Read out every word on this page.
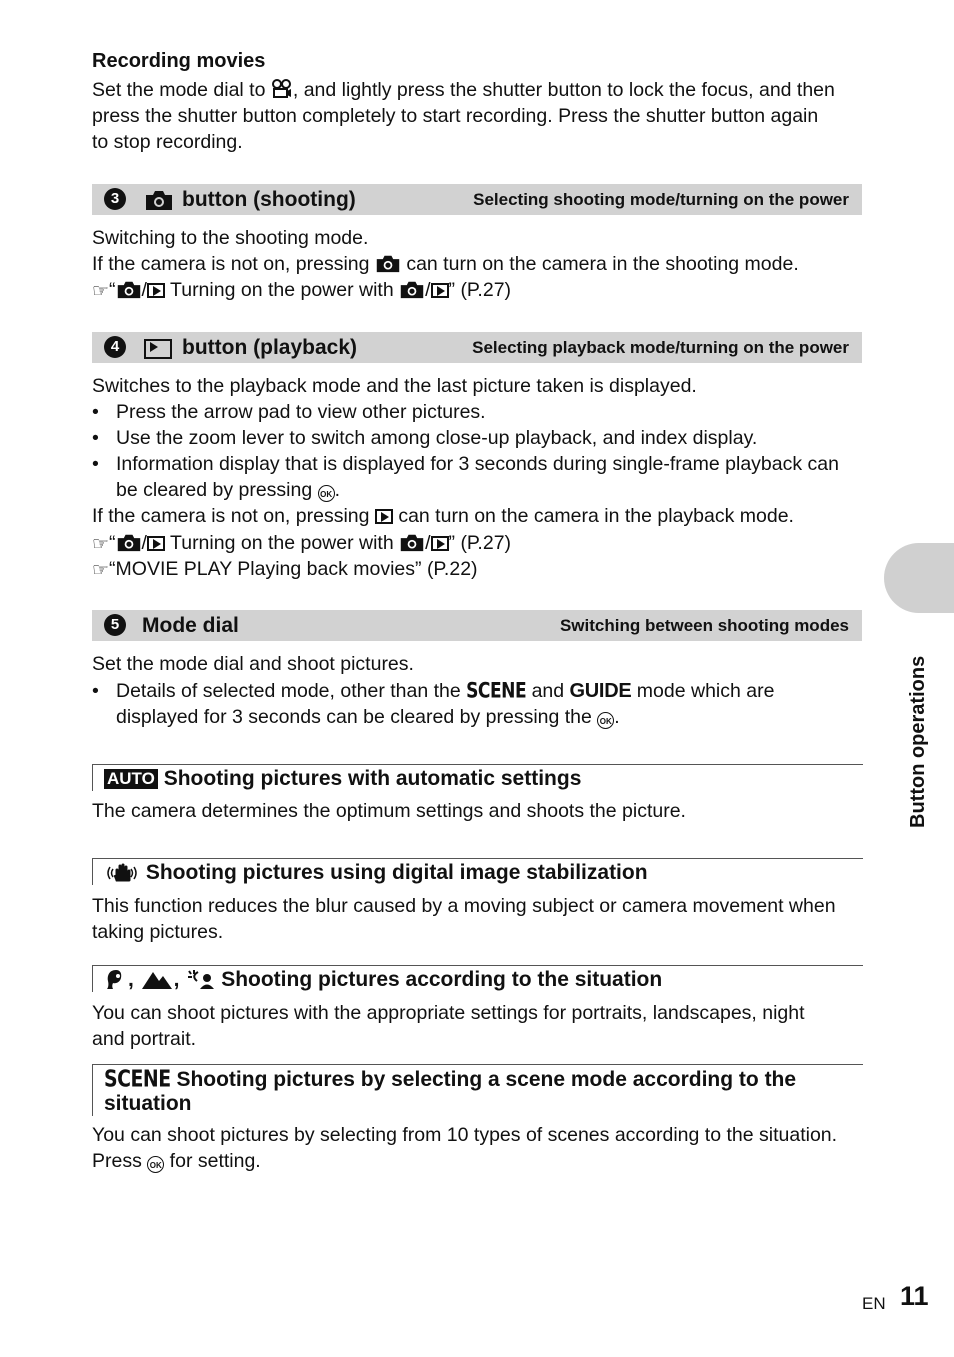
Recording movies

Set the mode dial to , and lightly press the shutter button to lock the focus, and then

press the shutter button completely to start recording. Press the shutter button again

to stop recording.

3	button (shooting)	Selecting shooting mode/turning on the power

Switching to the shooting mode.

If the camera is not on, pressing  can turn on the camera in the shooting mode.

☞“ / Turning on the power with / ” (P.27)

4	button (playback)	Selecting playback mode/turning on the power

Switches to the playback mode and the last picture taken is displayed.

• Press the arrow pad to view other pictures.

• Use the zoom lever to switch among close-up playback, and index display.

• Information display that is displayed for 3 seconds during single-frame playback can

be cleared by pressing OK .

If the camera is not on, pressing  can turn on the camera in the playback mode.

☞“ / Turning on the power with / ” (P.27)

☞“MOVIE PLAY Playing back movies” (P.22)

5	Mode dial	Switching between shooting modes

Set the mode dial and shoot pictures.

• Details of selected mode, other than the SCENE and GUIDE mode which are

displayed for 3 seconds can be cleared by pressing the OK .

AUTO Shooting pictures with automatic settings

The camera determines the optimum settings and shoots the picture.

Shooting pictures using digital image stabilization

This function reduces the blur caused by a moving subject or camera movement when

taking pictures.

, ,  Shooting pictures according to the situation

You can shoot pictures with the appropriate settings for portraits, landscapes, night

and portrait.

SCENE Shooting pictures by selecting a scene mode according to the
situation

You can shoot pictures by selecting from 10 types of scenes according to the situation.

Press OK for setting.

Button operations
EN 11
